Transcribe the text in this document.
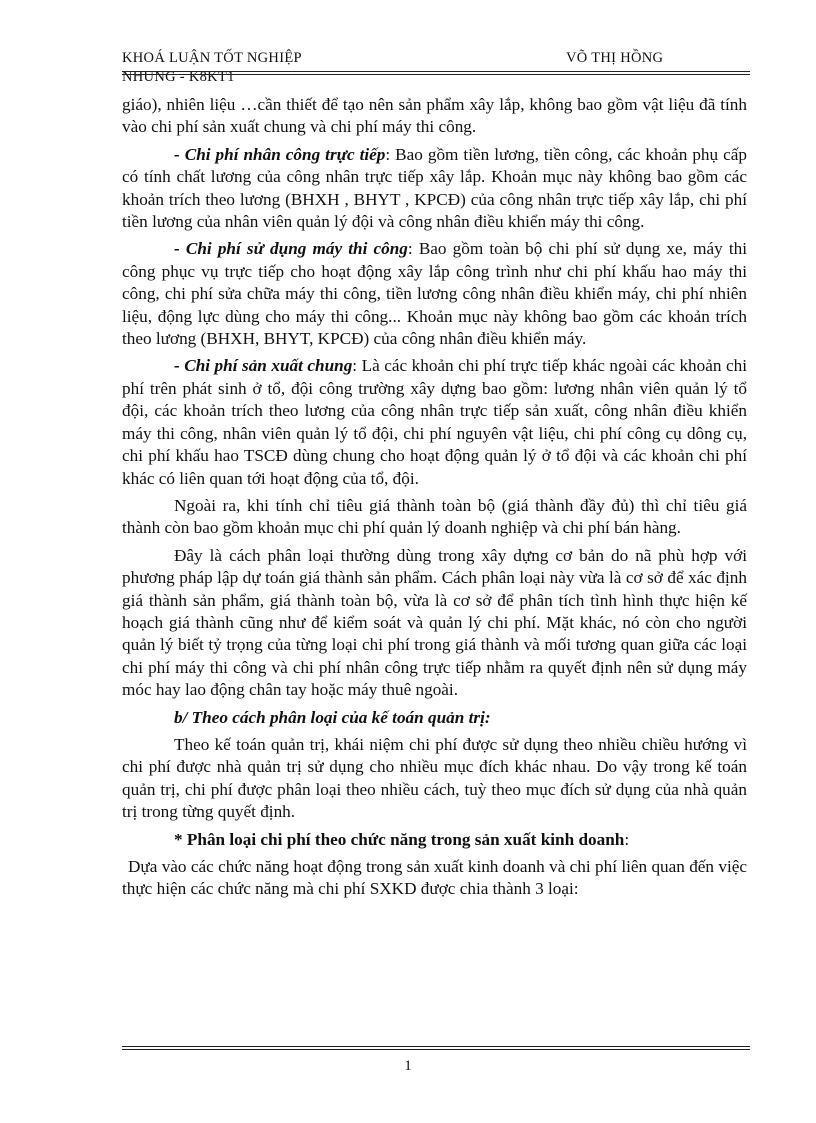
KHOÁ LUẬN TỐT NGHIỆP
NHUNG - K8KT1
VÕ THỊ HỒNG

giáo), nhiên liệu …cần thiết để tạo nên sản phẩm xây lắp, không bao gồm vật liệu đã tính vào chi phí sản xuất chung và chi phí máy thi công.

- Chi phí nhân công trực tiếp: Bao gồm tiền lương, tiền công, các khoản phụ cấp có tính chất lương của công nhân trực tiếp xây lắp. Khoản mục này không bao gồm các khoản trích theo lương (BHXH , BHYT , KPCĐ) của công nhân trực tiếp xây lắp, chi phí tiền lương của nhân viên quản lý đội và công nhân điều khiển máy thi công.

- Chi phí sử dụng máy thi công: Bao gồm toàn bộ chi phí sử dụng xe, máy thi công phục vụ trực tiếp cho hoạt động xây lắp công trình như chi phí khấu hao máy thi công, chi phí sửa chữa máy thi công, tiền lương công nhân điều khiển máy, chi phí nhiên liệu, động lực dùng cho máy thi công... Khoản mục này không bao gồm các khoản trích theo lương (BHXH, BHYT, KPCĐ) của công nhân điều khiển máy.

- Chi phí sản xuất chung: Là các khoản chi phí trực tiếp khác ngoài các khoản chi phí trên phát sinh ở tổ, đội công trường xây dựng bao gồm: lương nhân viên quản lý tổ đội, các khoản trích theo lương của công nhân trực tiếp sản xuất, công nhân điều khiển máy thi công, nhân viên quản lý tổ đội, chi phí nguyên vật liệu, chi phí công cụ dông cụ, chi phí khấu hao TSCĐ dùng chung cho hoạt động quản lý ở tổ đội và các khoản chi phí khác có liên quan tới hoạt động của tổ, đội.

Ngoài ra, khi tính chỉ tiêu giá thành toàn bộ (giá thành đầy đủ) thì chỉ tiêu giá thành còn bao gồm khoản mục chi phí quản lý doanh nghiệp và chi phí bán hàng.

Đây là cách phân loại thường dùng trong xây dựng cơ bản do nã phù hợp với phương pháp lập dự toán giá thành sản phẩm. Cách phân loại này vừa là cơ sở để xác định giá thành sản phẩm, giá thành toàn bộ, vừa là cơ sở để phân tích tình hình thực hiện kế hoạch giá thành cũng như để kiểm soát và quản lý chi phí. Mặt khác, nó còn cho người quản lý biết tỷ trọng của từng loại chi phí trong giá thành và mối tương quan giữa các loại chi phí máy thi công và chi phí nhân công trực tiếp nhằm ra quyết định nên sử dụng máy móc hay lao động chân tay hoặc máy thuê ngoài.

b/ Theo cách phân loại của kế toán quản trị:

Theo kế toán quản trị, khái niệm chi phí được sử dụng theo nhiều chiều hướng vì chi phí được nhà quản trị sử dụng cho nhiều mục đích khác nhau. Do vậy trong kế toán quản trị, chi phí được phân loại theo nhiều cách, tuỳ theo mục đích sử dụng của nhà quản trị trong từng quyết định.

* Phân loại chi phí theo chức năng trong sản xuất kinh doanh:

Dựa vào các chức năng hoạt động trong sản xuất kinh doanh và chi phí liên quan đến việc thực hiện các chức năng mà chi phí SXKD được chia thành 3 loại:

1
